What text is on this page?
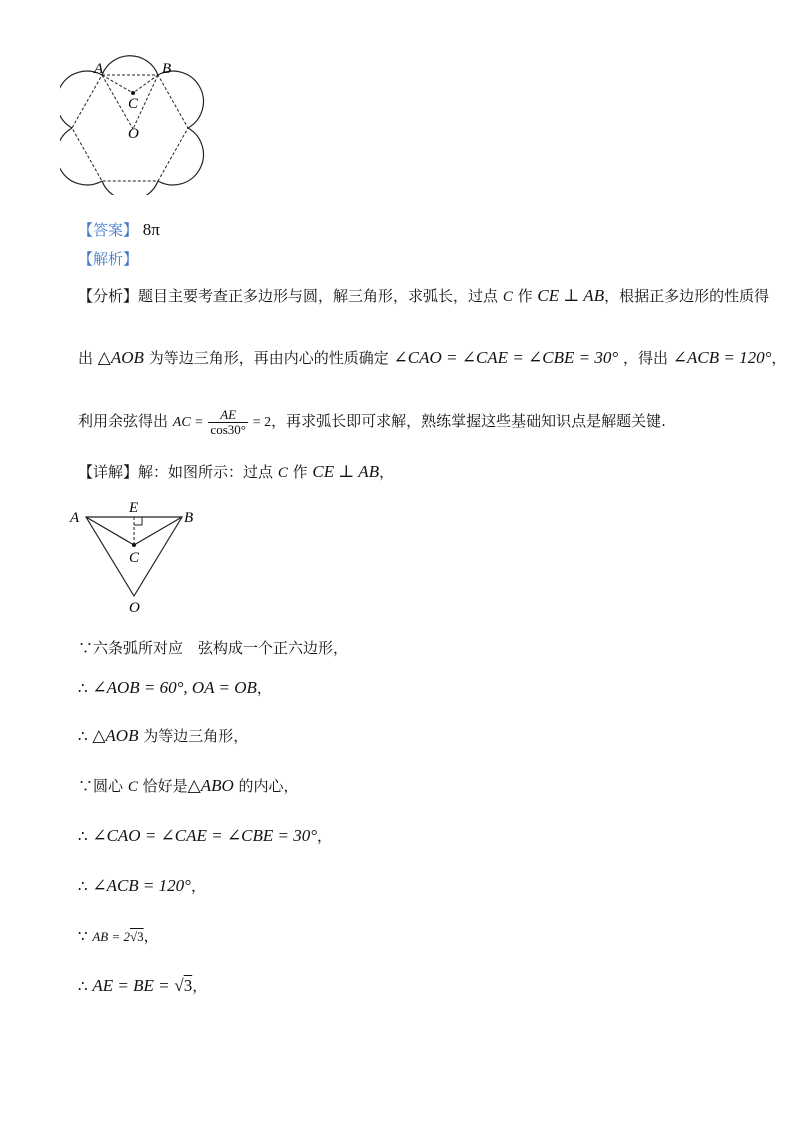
A	B
C
O
【答案】 8π
【解析】
【分析】题目主要考查正多边形与圆，解三角形，求弧长，过点 C 作 CE ⊥ AB，根据正多边形的性质得
出 △AOB 为等边三角形，再由内心的性质确定 ∠CAO = ∠CAE = ∠CBE = 30° ，得出 ∠ACB = 120°，
利用余弦得出 AC = $\frac{AE}{\cos 30^\circ} = 2$，再求弧长即可求解，熟练掌握这些基础知识点是解题关键.
【详解】解：如图所示：过点 C 作 CE ⊥ AB，
A
E
B
C
O
∵六条弧所对应　弦构成一个正六边形，
∴ ∠AOB = 60°, OA = OB，
∴ △AOB 为等边三角形，
∵圆心 C 恰好是△ABO 的内心，
∴ ∠CAO = ∠CAE = ∠CBE = 30°，
∴ ∠ACB = 120°，
∵ AB = 2√3，
∴ AE = BE = √3，
